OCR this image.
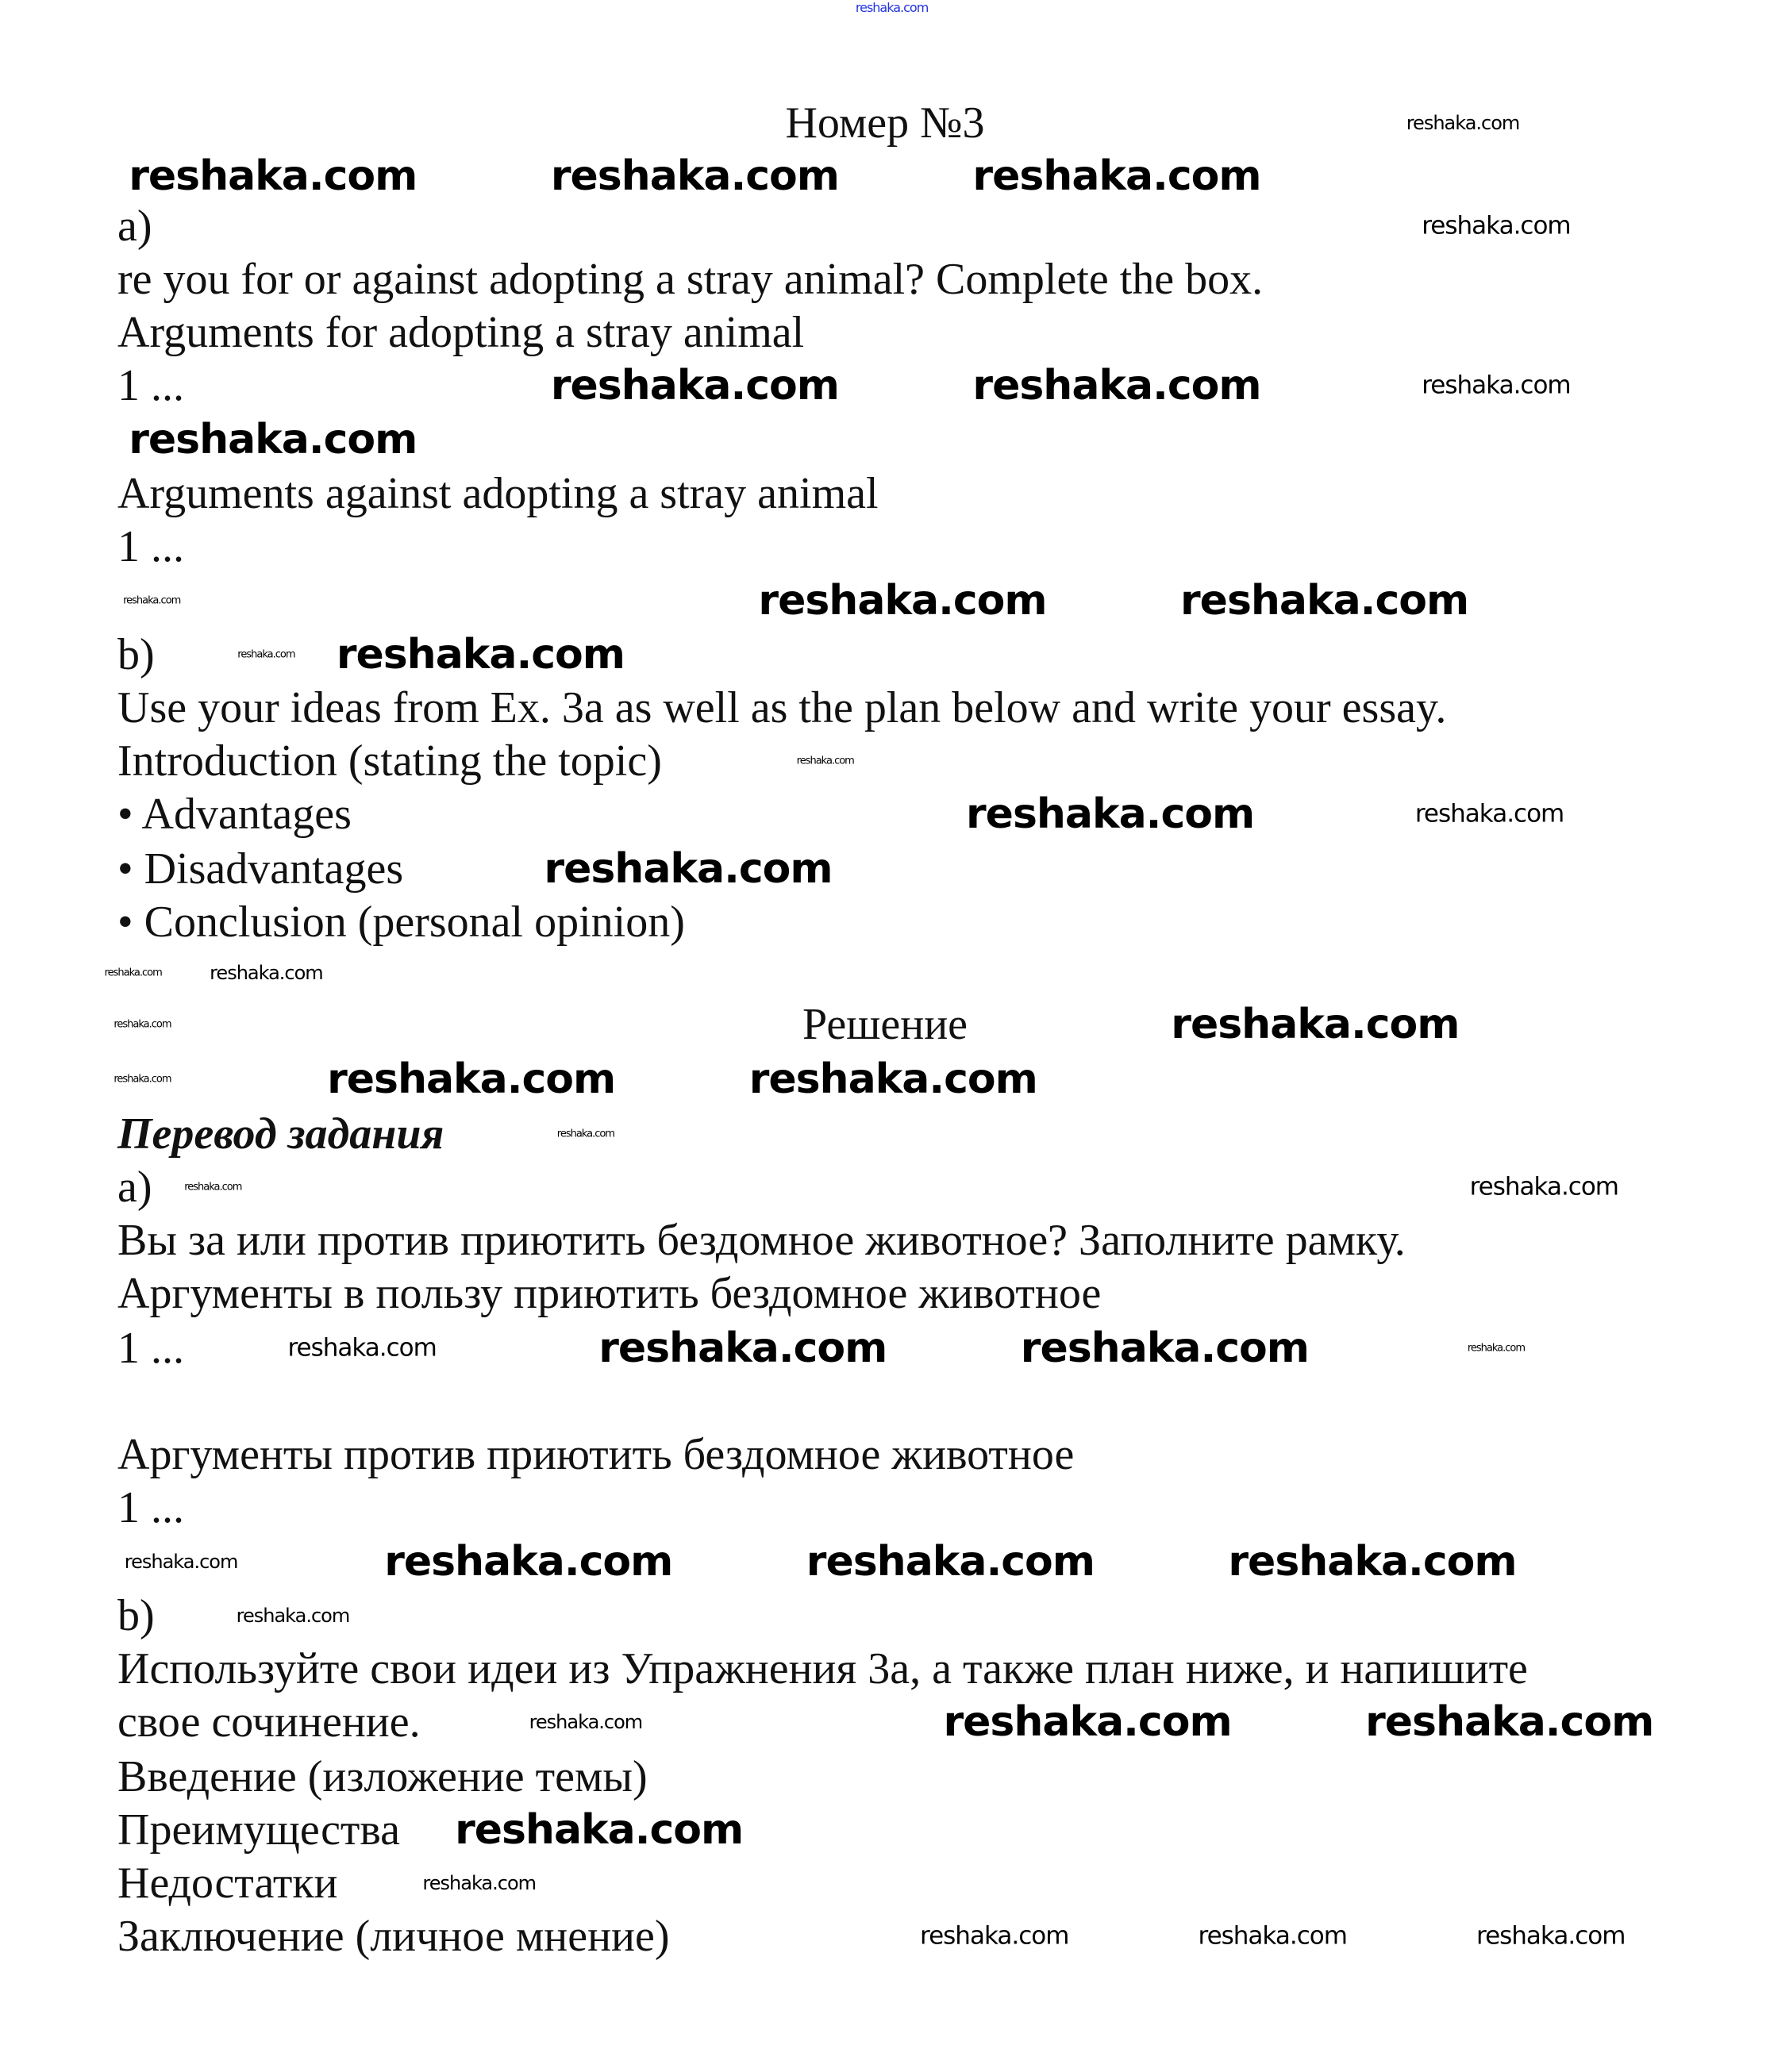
Номер №3
a)
re you for or against adopting a stray animal? Complete the box.
Arguments for adopting a stray animal
1 ...
Arguments against adopting a stray animal
1 ...
b)
Use your ideas from Ex. 3a as well as the plan below and write your essay.
Introduction (stating the topic)
• Advantages
• Disadvantages
• Conclusion (personal opinion)
Решение
Перевод задания
a)
Вы за или против приютить бездомное животное? Заполните рамку.
Аргументы в пользу приютить бездомное животное
1 ...
Аргументы против приютить бездомное животное
1 ...
b)
Используйте свои идеи из Упражнения 3а, а также план ниже, и напишите
свое сочинение.
Введение (изложение темы)
Преимущества
Недостатки
Заключение (личное мнение)
reshaka.com
reshaka.com
reshaka.com	reshaka.com	reshaka.com
reshaka.com
reshaka.com	reshaka.com	reshaka.com
reshaka.com
reshaka.com	reshaka.com	reshaka.com
reshaka.com reshaka.com
reshaka.com
reshaka.com	reshaka.com
reshaka.com
reshaka.com	reshaka.com
reshaka.com	reshaka.com
reshaka.com	reshaka.com	reshaka.com
reshaka.com
reshaka.com	reshaka.com
reshaka.com	reshaka.com	reshaka.com	reshaka.com
reshaka.com	reshaka.com	reshaka.com	reshaka.com
reshaka.com
reshaka.com	reshaka.com	reshaka.com
reshaka.com
reshaka.com
reshaka.com	reshaka.com	reshaka.com
